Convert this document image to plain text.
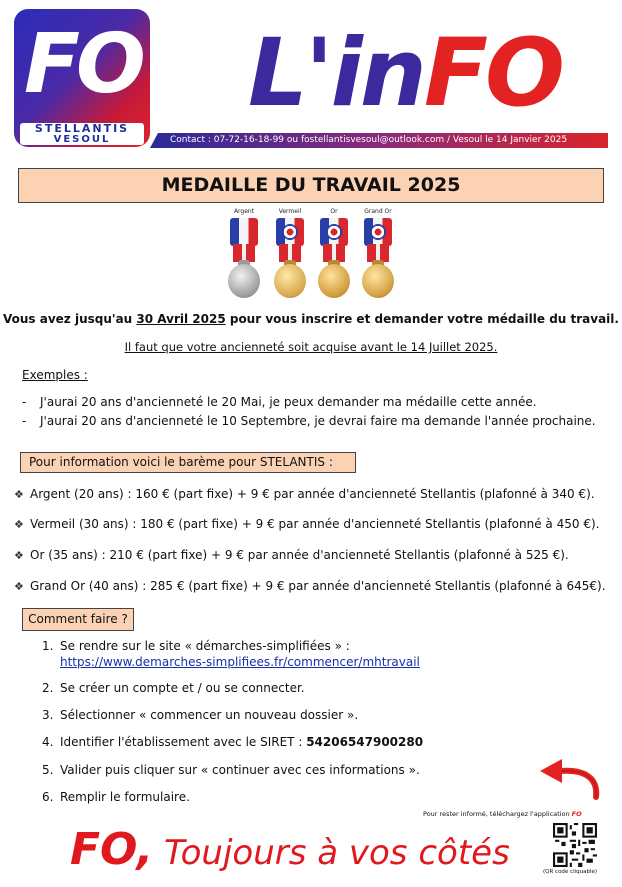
FO
STELLANTIS
VESOUL
L'inFO
Contact : 07-72-16-18-99 ou fostellantisvesoul@outlook.com / Vesoul le 14 Janvier 2025
MEDAILLE DU TRAVAIL 2025
Argent	Vermeil	Or	Grand Or
Vous avez jusqu'au 30 Avril 2025 pour vous inscrire et demander votre médaille du travail.
Il faut que votre ancienneté soit acquise avant le 14 Juillet 2025.
Exemples :
- J'aurai 20 ans d'ancienneté le 20 Mai, je peux demander ma médaille cette année.
- J'aurai 20 ans d'ancienneté le 10 Septembre, je devrai faire ma demande l'année prochaine.
Pour information voici le barème pour STELANTIS :
❖ Argent (20 ans) : 160 € (part fixe) + 9 € par année d'ancienneté Stellantis (plafonné à 340 €).
❖ Vermeil (30 ans) : 180 € (part fixe) + 9 € par année d'ancienneté Stellantis (plafonné à 450 €).
❖ Or (35 ans) : 210 € (part fixe) + 9 € par année d'ancienneté Stellantis (plafonné à 525 €).
❖ Grand Or (40 ans) : 285 € (part fixe) + 9 € par année d'ancienneté Stellantis (plafonné à 645€).
Comment faire ?
1. Se rendre sur le site « démarches-simplifiées » :
https://www.demarches-simplifiees.fr/commencer/mhtravail
2. Se créer un compte et / ou se connecter.
3. Sélectionner « commencer un nouveau dossier ».
4. Identifier l'établissement avec le SIRET : 54206547900280
5. Valider puis cliquer sur « continuer avec ces informations ».
6. Remplir le formulaire.
Pour rester informé, téléchargez l'application FO
(QR code cliquable)
FO, Toujours à vos côtés
